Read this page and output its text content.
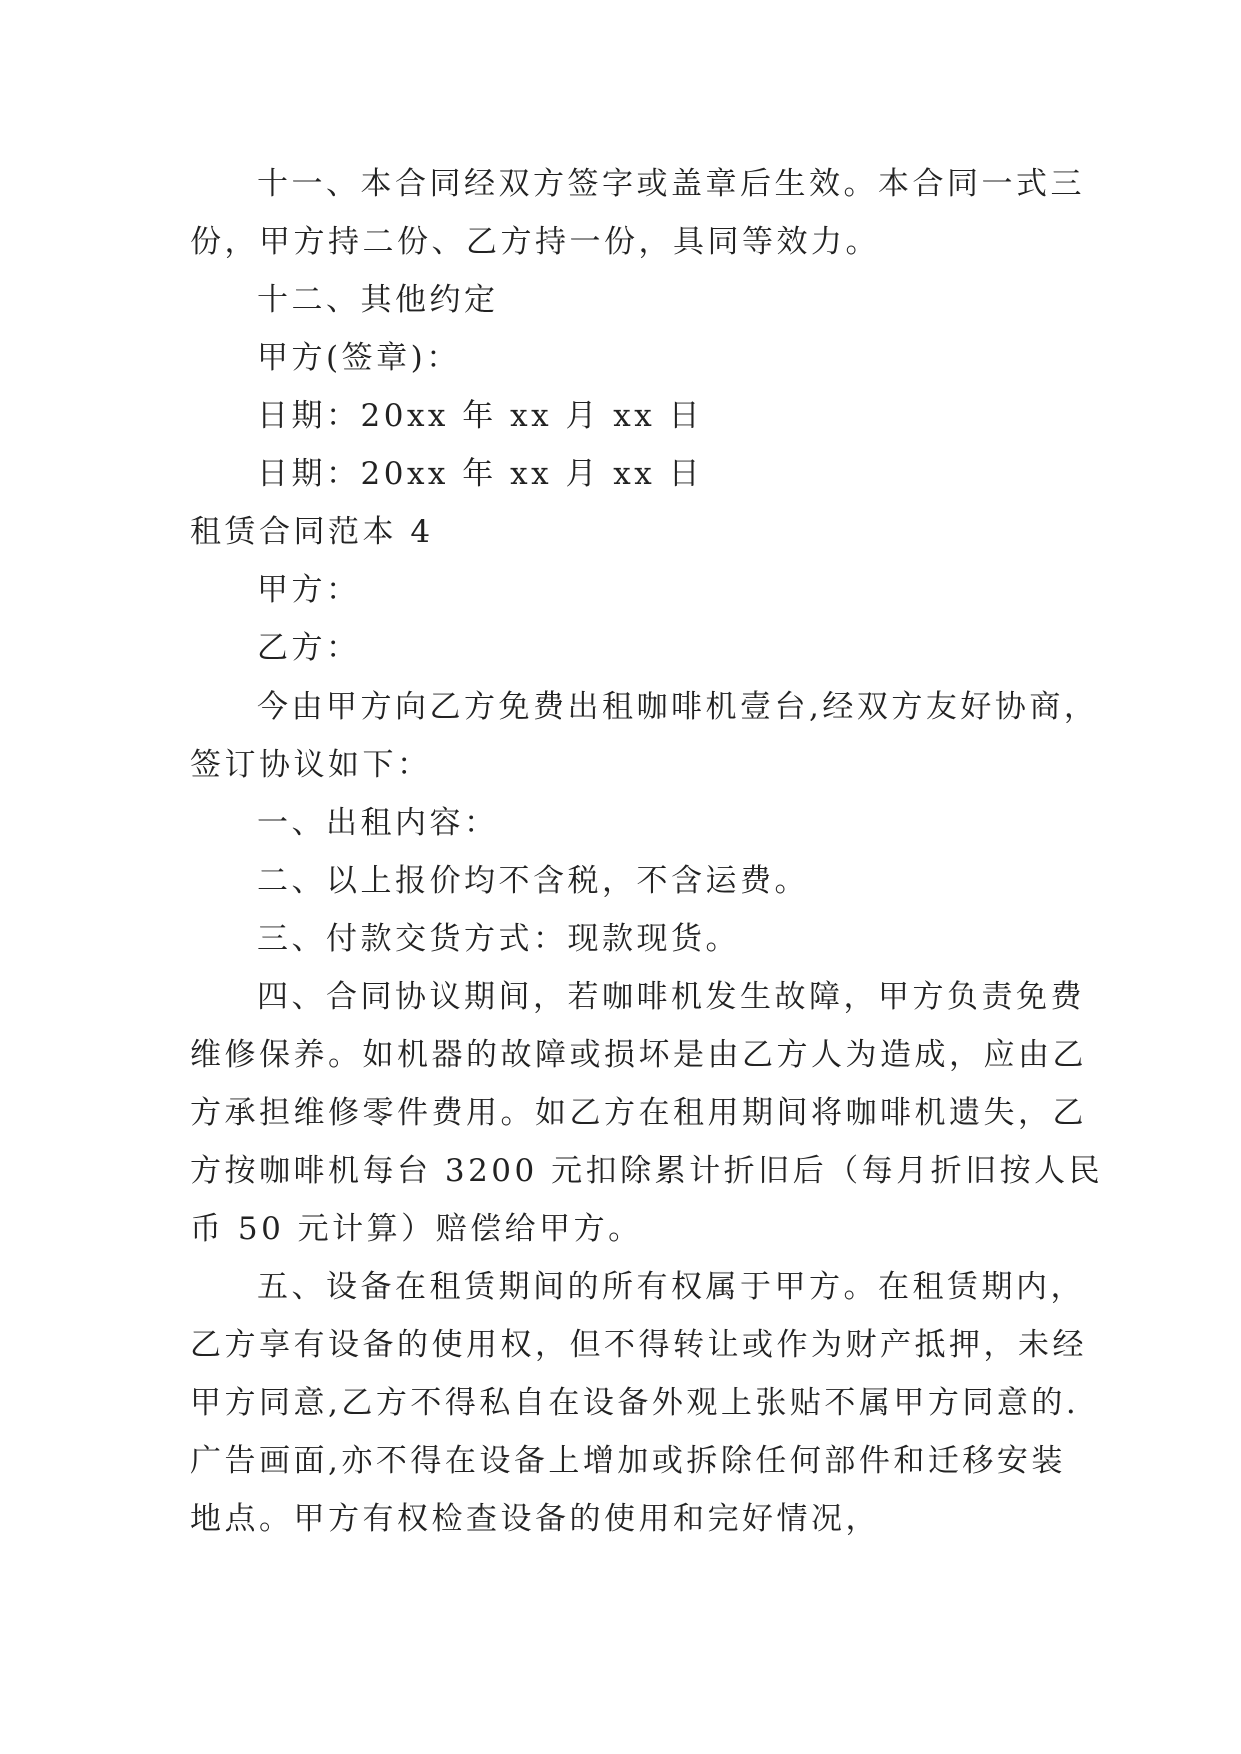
十一、本合同经双方签字或盖章后生效。本合同一式三
份，甲方持二份、乙方持一份，具同等效力。
十二、其他约定
甲方(签章)：
日期：20xx 年 xx 月 xx 日
日期：20xx 年 xx 月 xx 日
租赁合同范本 4
甲方：
乙方：
今由甲方向乙方免费出租咖啡机壹台,经双方友好协商，
签订协议如下：
一、出租内容：
二、以上报价均不含税，不含运费。
三、付款交货方式：现款现货。
四、合同协议期间，若咖啡机发生故障，甲方负责免费
维修保养。如机器的故障或损坏是由乙方人为造成，应由乙
方承担维修零件费用。如乙方在租用期间将咖啡机遗失，乙
方按咖啡机每台 3200 元扣除累计折旧后（每月折旧按人民
币 50 元计算）赔偿给甲方。
五、设备在租赁期间的所有权属于甲方。在租赁期内，
乙方享有设备的使用权，但不得转让或作为财产抵押，未经
甲方同意,乙方不得私自在设备外观上张贴不属甲方同意的.
广告画面,亦不得在设备上增加或拆除任何部件和迁移安装
地点。甲方有权检查设备的使用和完好情况，
